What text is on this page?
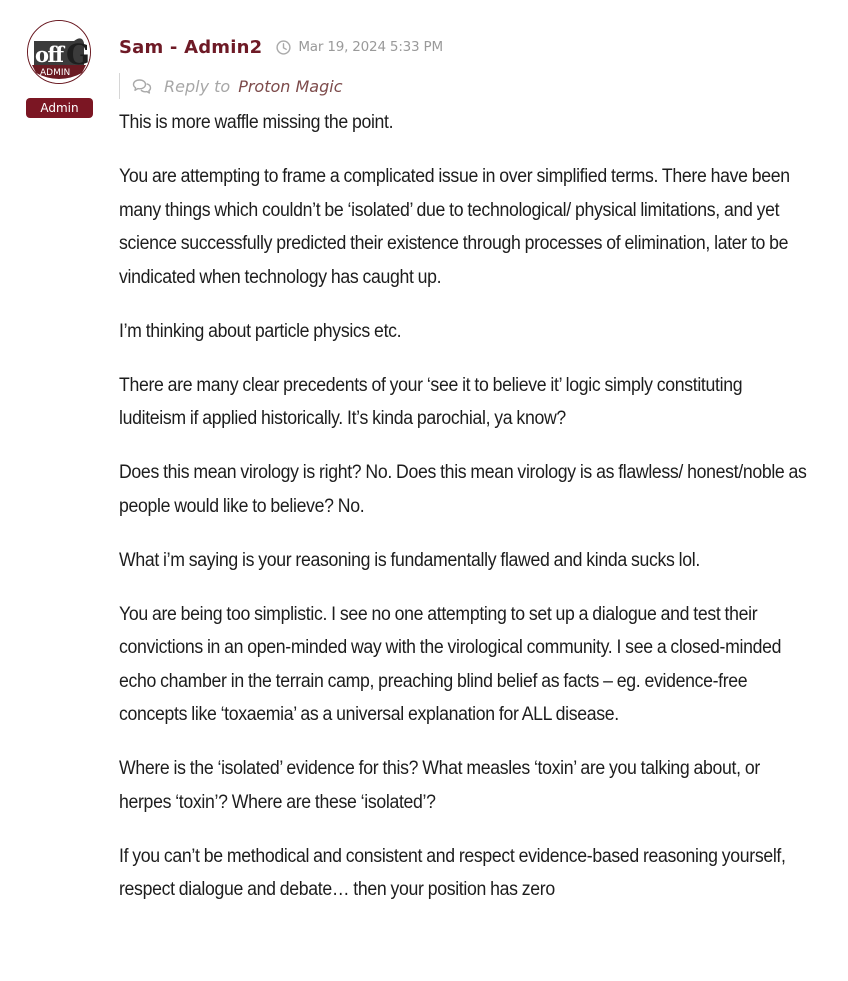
off G
ADMIN
Admin
Sam - Admin2	Mar 19, 2024 5:33 PM
Reply to Proton Magic

This is more waffle missing the point.

You are attempting to frame a complicated issue in over simplified terms. There have been many things which couldn’t be ‘isolated’ due to technological/ physical limitations, and yet science successfully predicted their existence through processes of elimination, later to be vindicated when technology has caught up.

I’m thinking about particle physics etc.

There are many clear precedents of your ‘see it to believe it’ logic simply constituting luditeism if applied historically. It’s kinda parochial, ya know?

Does this mean virology is right? No. Does this mean virology is as flawless/ honest/noble as people would like to believe? No.

What i’m saying is your reasoning is fundamentally flawed and kinda sucks lol.

You are being too simplistic. I see no one attempting to set up a dialogue and test their convictions in an open-minded way with the virological community. I see a closed-minded echo chamber in the terrain camp, preaching blind belief as facts – eg. evidence-free concepts like ‘toxaemia’ as a universal explanation for ALL disease.

Where is the ‘isolated’ evidence for this? What measles ‘toxin’ are you talking about, or herpes ‘toxin’? Where are these ‘isolated’?

If you can’t be methodical and consistent and respect evidence-based reasoning yourself, respect dialogue and debate… then your position has zero
